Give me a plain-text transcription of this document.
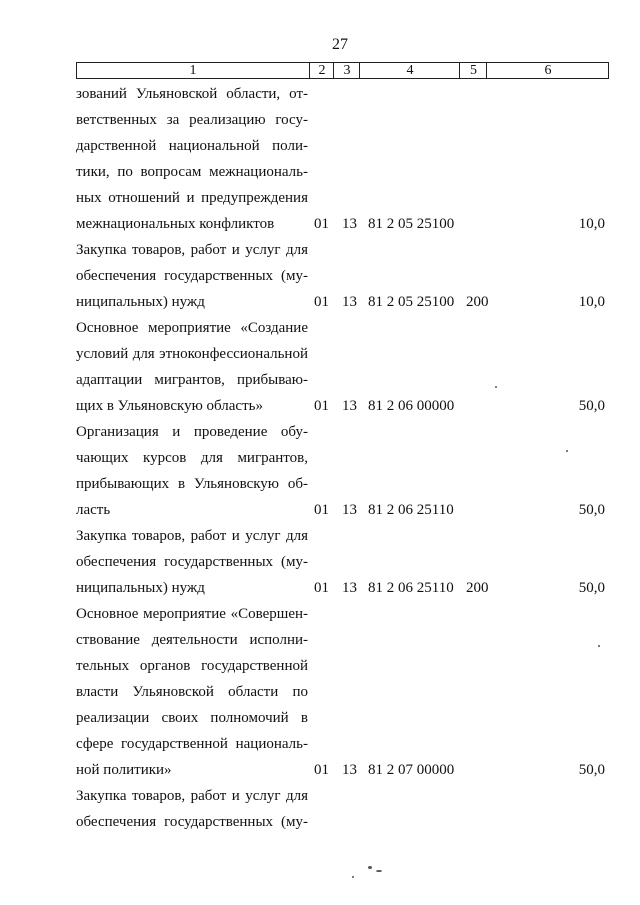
27
1	2	3	4	5	6
зований Ульяновской области, от-
ветственных за реализацию госу-
дарственной национальной поли-
тики, по вопросам межнациональ-
ных отношений и предупреждения
межнациональных конфликтов	01 13 81 2 05 25100	10,0
Закупка товаров, работ и услуг для
обеспечения государственных (му-
ниципальных) нужд	01 13 81 2 05 25100 200	10,0
Основное мероприятие «Создание
условий для этноконфессиональной
адаптации мигрантов, прибываю-
щих в Ульяновскую область»	01 13 81 2 06 00000	50,0
Организация и проведение обу-
чающих курсов для мигрантов,
прибывающих в Ульяновскую об-
ласть	01 13 81 2 06 25110	50,0
Закупка товаров, работ и услуг для
обеспечения государственных (му-
ниципальных) нужд	01 13 81 2 06 25110 200	50,0
Основное мероприятие «Совершен-
ствование деятельности исполни-
тельных органов государственной
власти Ульяновской области по
реализации своих полномочий в
сфере государственной националь-
ной политики»	01 13 81 2 07 00000	50,0
Закупка товаров, работ и услуг для
обеспечения государственных (му-
